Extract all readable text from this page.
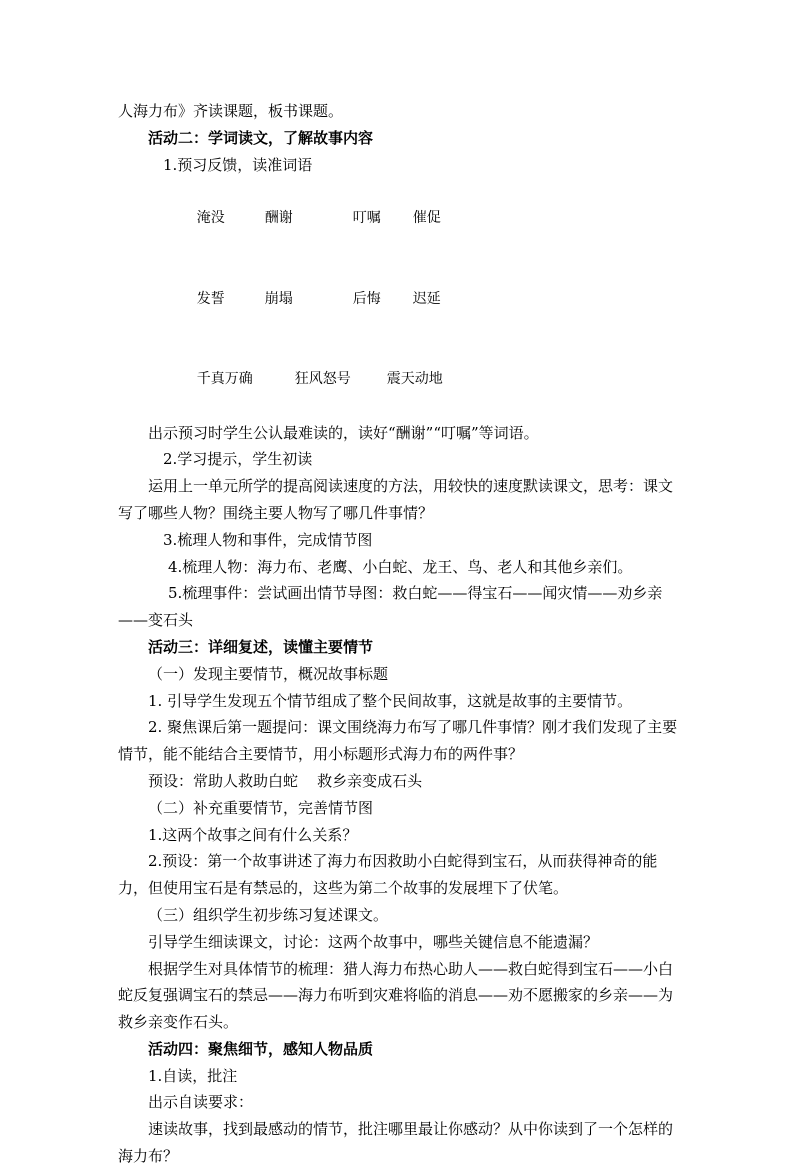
人海力布》齐读课题，板书课题。

活动二：学词读文，了解故事内容

1.预习反馈，读准词语

淹没	酬谢	叮嘱 催促

发誓	崩塌	后悔 迟延

千真万确	狂风怒号	震天动地

出示预习时学生公认最难读的，读好“酬谢”“叮嘱”等词语。

2.学习提示，学生初读

运用上一单元所学的提高阅读速度的方法，用较快的速度默读课文，思考：课文写了哪些人物？围绕主要人物写了哪几件事情？

3.梳理人物和事件，完成情节图

4.梳理人物：海力布、老鹰、小白蛇、龙王、鸟、老人和其他乡亲们。

5.梳理事件：尝试画出情节导图：救白蛇——得宝石——闻灾情——劝乡亲——变石头

活动三：详细复述，读懂主要情节

（一）发现主要情节，概况故事标题

1. 引导学生发现五个情节组成了整个民间故事，这就是故事的主要情节。

2. 聚焦课后第一题提问：课文围绕海力布写了哪几件事情？刚才我们发现了主要情节，能不能结合主要情节，用小标题形式海力布的两件事？

预设：常助人救助白蛇    救乡亲变成石头

（二）补充重要情节，完善情节图

1.这两个故事之间有什么关系？

2.预设：第一个故事讲述了海力布因救助小白蛇得到宝石，从而获得神奇的能力，但使用宝石是有禁忌的，这些为第二个故事的发展埋下了伏笔。

（三）组织学生初步练习复述课文。

引导学生细读课文，讨论：这两个故事中，哪些关键信息不能遗漏？

根据学生对具体情节的梳理：猎人海力布热心助人——救白蛇得到宝石——小白蛇反复强调宝石的禁忌——海力布听到灾难将临的消息——劝不愿搬家的乡亲——为救乡亲变作石头。

活动四：聚焦细节，感知人物品质

1.自读，批注

出示自读要求：

速读故事，找到最感动的情节，批注哪里最让你感动？从中你读到了一个怎样的海力布？
